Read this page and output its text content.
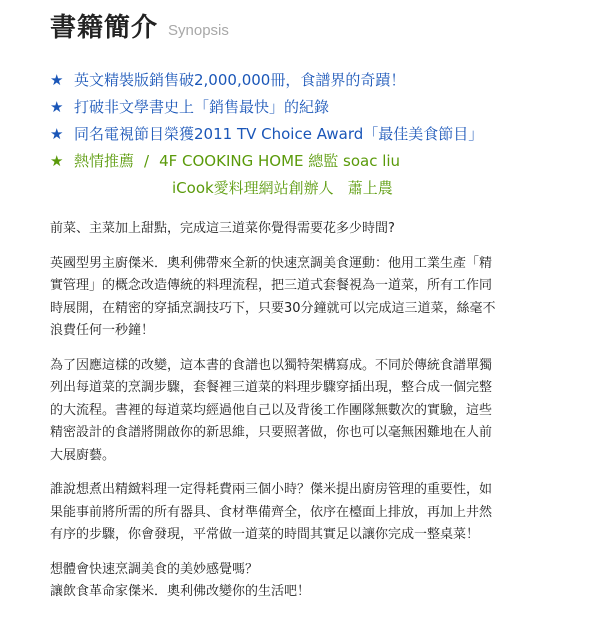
書籍簡介 Synopsis
★ 英文精裝版銷售破2,000,000冊，食譜界的奇蹟！
★ 打破非文學書史上「銷售最快」的紀錄
★ 同名電視節目榮獲2011 TV Choice Award「最佳美食節目」
★ 熱情推薦 / 4F COOKING HOME 總監 soac liu
iCook愛料理網站創辦人 蕭上農

前菜、主菜加上甜點，完成這三道菜你覺得需要花多少時間?

英國型男主廚傑米．奧利佛帶來全新的快速烹調美食運動：他用工業生產「精
實管理」的概念改造傳統的料理流程，把三道式套餐視為一道菜，所有工作同
時展開，在精密的穿插烹調技巧下，只要30分鐘就可以完成這三道菜，絲毫不
浪費任何一秒鐘！

為了因應這樣的改變，這本書的食譜也以獨特架構寫成。不同於傳統食譜單獨
列出每道菜的烹調步驟，套餐裡三道菜的料理步驟穿插出現，整合成一個完整
的大流程。書裡的每道菜均經過他自己以及背後工作團隊無數次的實驗，這些
精密設計的食譜將開啟你的新思維，只要照著做，你也可以毫無困難地在人前
大展廚藝。

誰說想煮出精緻料理一定得耗費兩三個小時？傑米提出廚房管理的重要性，如
果能事前將所需的所有器具、食材準備齊全，依序在檯面上排放，再加上井然
有序的步驟，你會發現，平常做一道菜的時間其實足以讓你完成一整桌菜！

想體會快速烹調美食的美妙感覺嗎？
讓飲食革命家傑米．奧利佛改變你的生活吧！
